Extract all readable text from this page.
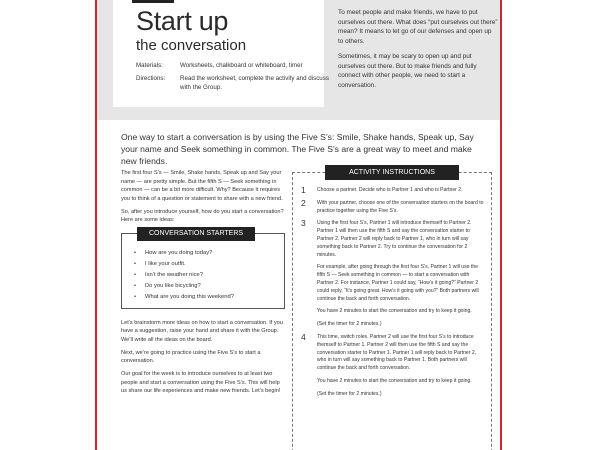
Start up
the conversation
Materials:	Worksheets, chalkboard or whiteboard, timer
Directions:	Read the worksheet, complete the activity and discuss with the Group.

To meet people and make friends, we have to put ourselves out there. What does “put ourselves out there” mean? It means to let go of our defenses and open up to others.

Sometimes, it may be scary to open up and put ourselves out there. But to make friends and fully connect with other people, we need to start a conversation.

One way to start a conversation is by using the Five S’s: Smile, Shake hands, Speak up, Say your name and Seek something in common. The Five S’s are a great way to meet and make new friends.

The first four S’s — Smile, Shake hands, Speak up and Say your name — are pretty simple. But the fifth S — Seek something in common — can be a bit more difficult. Why? Because it requires you to think of a question or statement to share with a new friend.

So, after you introduce yourself, how do you start a conversation? Here are some ideas:

CONVERSATION STARTERS
• How are you doing today?
• I like your outfit.
• Isn’t the weather nice?
• Do you like bicycling?
• What are you doing this weekend?

Let’s brainstorm more ideas on how to start a conversation. If you have a suggestion, raise your hand and share it with the Group. We’ll write all the ideas on the board.

Next, we’re going to practice using the Five S’s to start a conversation.

Our goal for the week is to introduce ourselves to at least two people and start a conversation using the Five S’s. This will help us share our life experiences and make new friends. Let’s begin!

ACTIVITY INSTRUCTIONS
1 Choose a partner. Decide who is Partner 1 and who is Partner 2.

2 With your partner, choose one of the conversation starters on the board to practice together using the Five S’s.

3 Using the first four S’s, Partner 1 will introduce themself to Partner 2. Partner 1 will then use the fifth S and say the conversation starter to Partner 2. Partner 2 will reply back to Partner 1, who in turn will say something back to Partner 2. Try to continue the conversation for 2 minutes.

For example, after going through the first four S’s, Partner 1 will use the fifth S — Seek something in common — to start a conversation with Partner 2. For instance, Partner 1 could say, “How’s it going?” Partner 2 could reply, “It’s going great. How’s it going with you?” Both partners will continue the back and forth conversation.

You have 2 minutes to start the conversation and try to keep it going.

(Set the timer for 2 minutes.)

4 This time, switch roles. Partner 2 will use the first four S’s to introduce themself to Partner 1. Partner 2 will then use the fifth S and say the conversation starter to Partner 1. Partner 1 will reply back to Partner 2, who in turn will say something back to Partner 1. Both partners will continue the back and forth conversation.

You have 2 minutes to start the conversation and try to keep it going.

(Set the timer for 2 minutes.)
